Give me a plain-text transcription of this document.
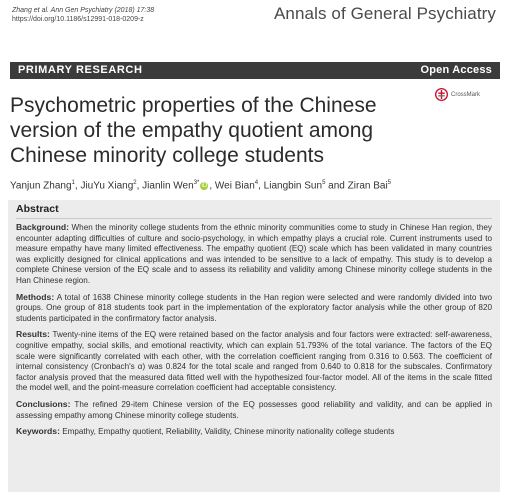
Zhang et al. Ann Gen Psychiatry (2018) 17:38
https://doi.org/10.1186/s12991-018-0209-z	Annals of General Psychiatry
PRIMARY RESEARCH	Open Access
CrossMark
Psychometric properties of the Chinese version of the empathy quotient among Chinese minority college students
Yanjun Zhang$^1$, JiuYu Xiang$^2$, Jianlin Wen$^{3*}$ iD , Wei Bian$^4$, Liangbin Sun$^5$ and Ziran Bai$^5$
Abstract

Background: When the minority college students from the ethnic minority communities come to study in Chinese Han region, they encounter adapting difficulties of culture and socio-psychology, in which empathy plays a crucial role. Current instruments used to measure empathy have many limited effectiveness. The empathy quotient (EQ) scale which has been validated in many countries was explicitly designed for clinical applications and was intended to be sensitive to a lack of empathy. This study is to develop a complete Chinese version of the EQ scale and to assess its reliability and validity among Chinese minority college students in the Han Chinese region.

Methods: A total of 1638 Chinese minority college students in the Han region were selected and were randomly divided into two groups. One group of 818 students took part in the implementation of the exploratory factor analysis while the other group of 820 students participated in the confirmatory factor analysis.

Results: Twenty-nine items of the EQ were retained based on the factor analysis and four factors were extracted: self-awareness, cognitive empathy, social skills, and emotional reactivity, which can explain 51.793% of the total variance. The factors of the EQ scale were significantly correlated with each other, with the correlation coefficient ranging from 0.316 to 0.563. The coefficient of internal consistency (Cronbach's α) was 0.824 for the total scale and ranged from 0.640 to 0.818 for the subscales. Confirmatory factor analysis proved that the measured data fitted well with the hypothesized four-factor model. All of the items in the scale fitted the model well, and the point-measure correlation coefficient had acceptable consistency.

Conclusions: The refined 29-item Chinese version of the EQ possesses good reliability and validity, and can be applied in assessing empathy among Chinese minority college students.

Keywords: Empathy, Empathy quotient, Reliability, Validity, Chinese minority nationality college students
